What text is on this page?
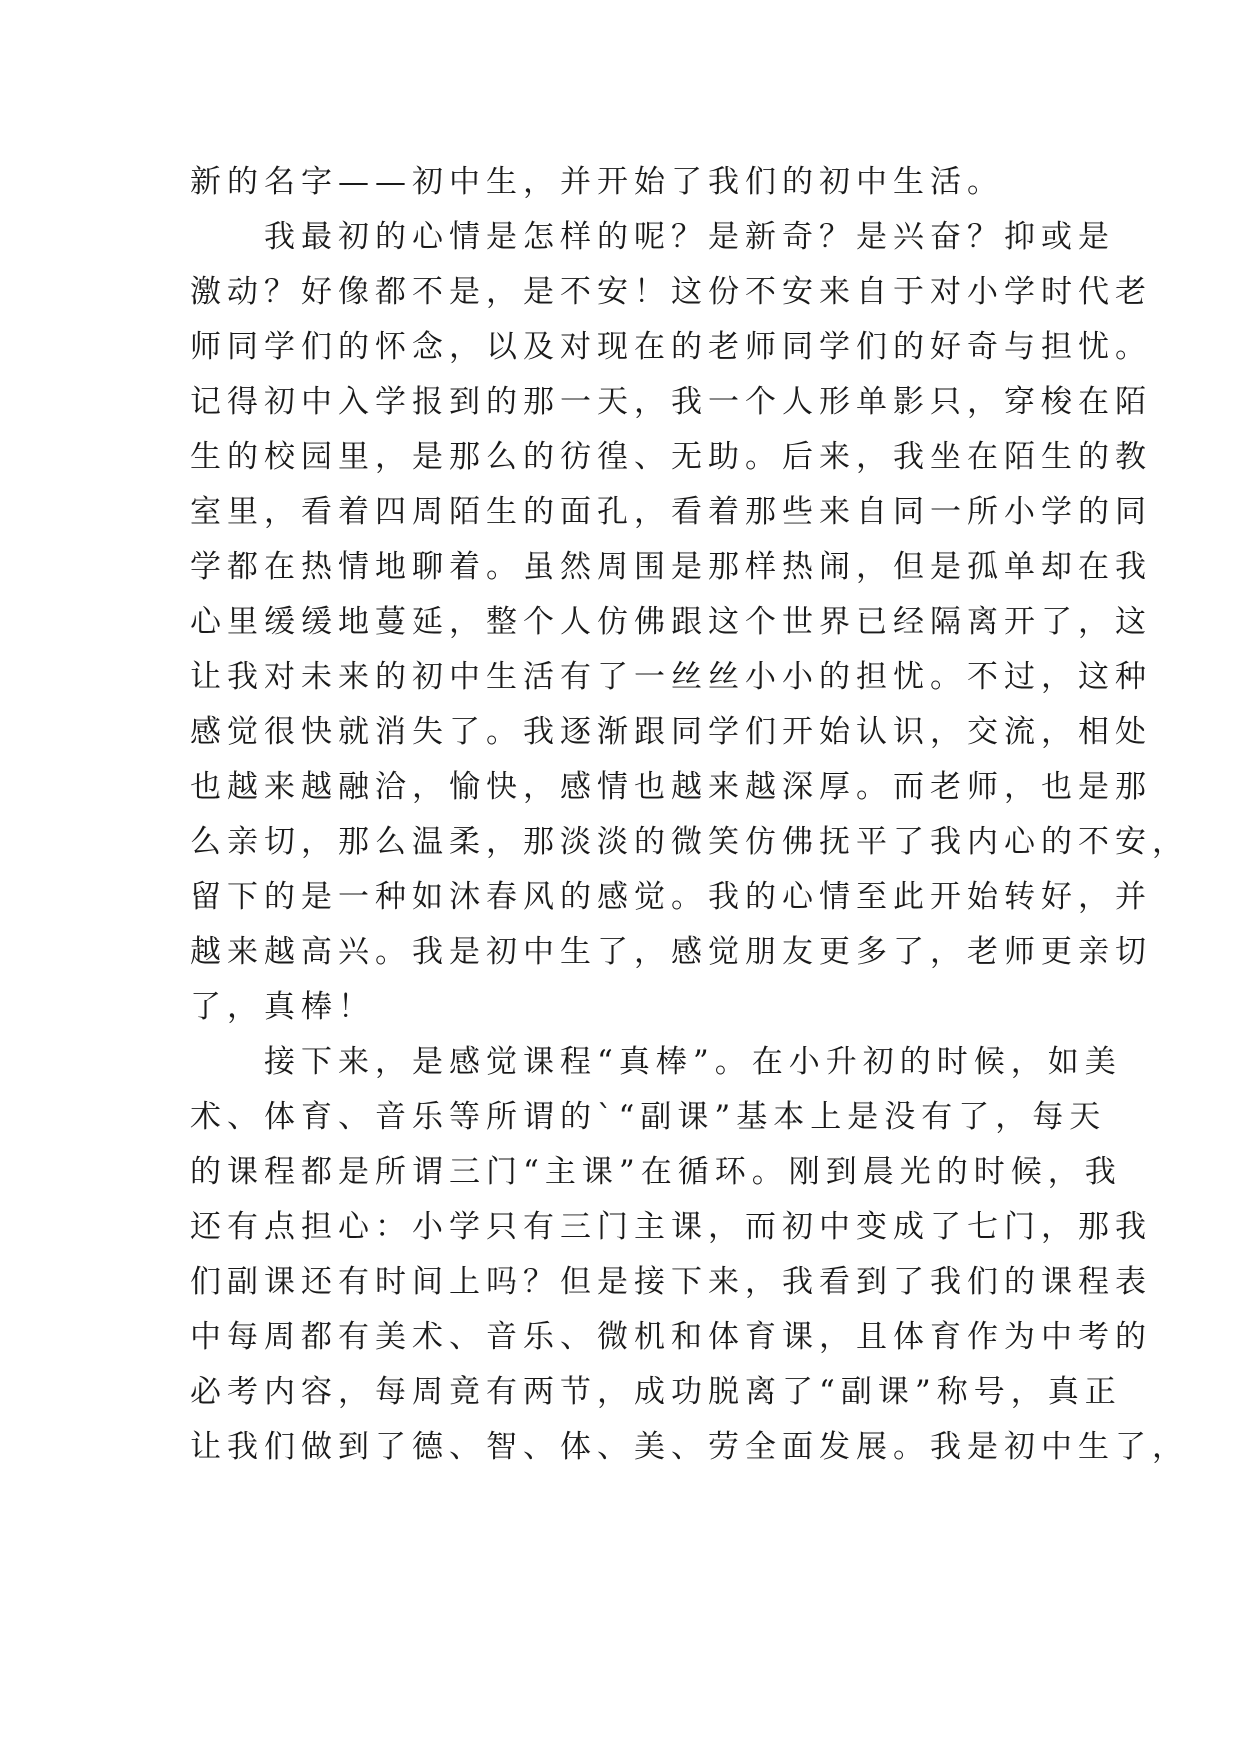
新的名字——初中生，并开始了我们的初中生活。
　　我最初的心情是怎样的呢？是新奇？是兴奋？抑或是
激动？好像都不是，是不安！这份不安来自于对小学时代老
师同学们的怀念，以及对现在的老师同学们的好奇与担忧。
记得初中入学报到的那一天，我一个人形单影只，穿梭在陌
生的校园里，是那么的彷徨、无助。后来，我坐在陌生的教
室里，看着四周陌生的面孔，看着那些来自同一所小学的同
学都在热情地聊着。虽然周围是那样热闹，但是孤单却在我
心里缓缓地蔓延，整个人仿佛跟这个世界已经隔离开了，这
让我对未来的初中生活有了一丝丝小小的担忧。不过，这种
感觉很快就消失了。我逐渐跟同学们开始认识，交流，相处
也越来越融洽，愉快，感情也越来越深厚。而老师，也是那
么亲切，那么温柔，那淡淡的微笑仿佛抚平了我内心的不安，
留下的是一种如沐春风的感觉。我的心情至此开始转好，并
越来越高兴。我是初中生了，感觉朋友更多了，老师更亲切
了，真棒！
　　接下来，是感觉课程“真棒”。在小升初的时候，如美
术、体育、音乐等所谓的`“副课”基本上是没有了，每天
的课程都是所谓三门“主课”在循环。刚到晨光的时候，我
还有点担心：小学只有三门主课，而初中变成了七门，那我
们副课还有时间上吗？但是接下来，我看到了我们的课程表
中每周都有美术、音乐、微机和体育课，且体育作为中考的
必考内容，每周竟有两节，成功脱离了“副课”称号，真正
让我们做到了德、智、体、美、劳全面发展。我是初中生了，
